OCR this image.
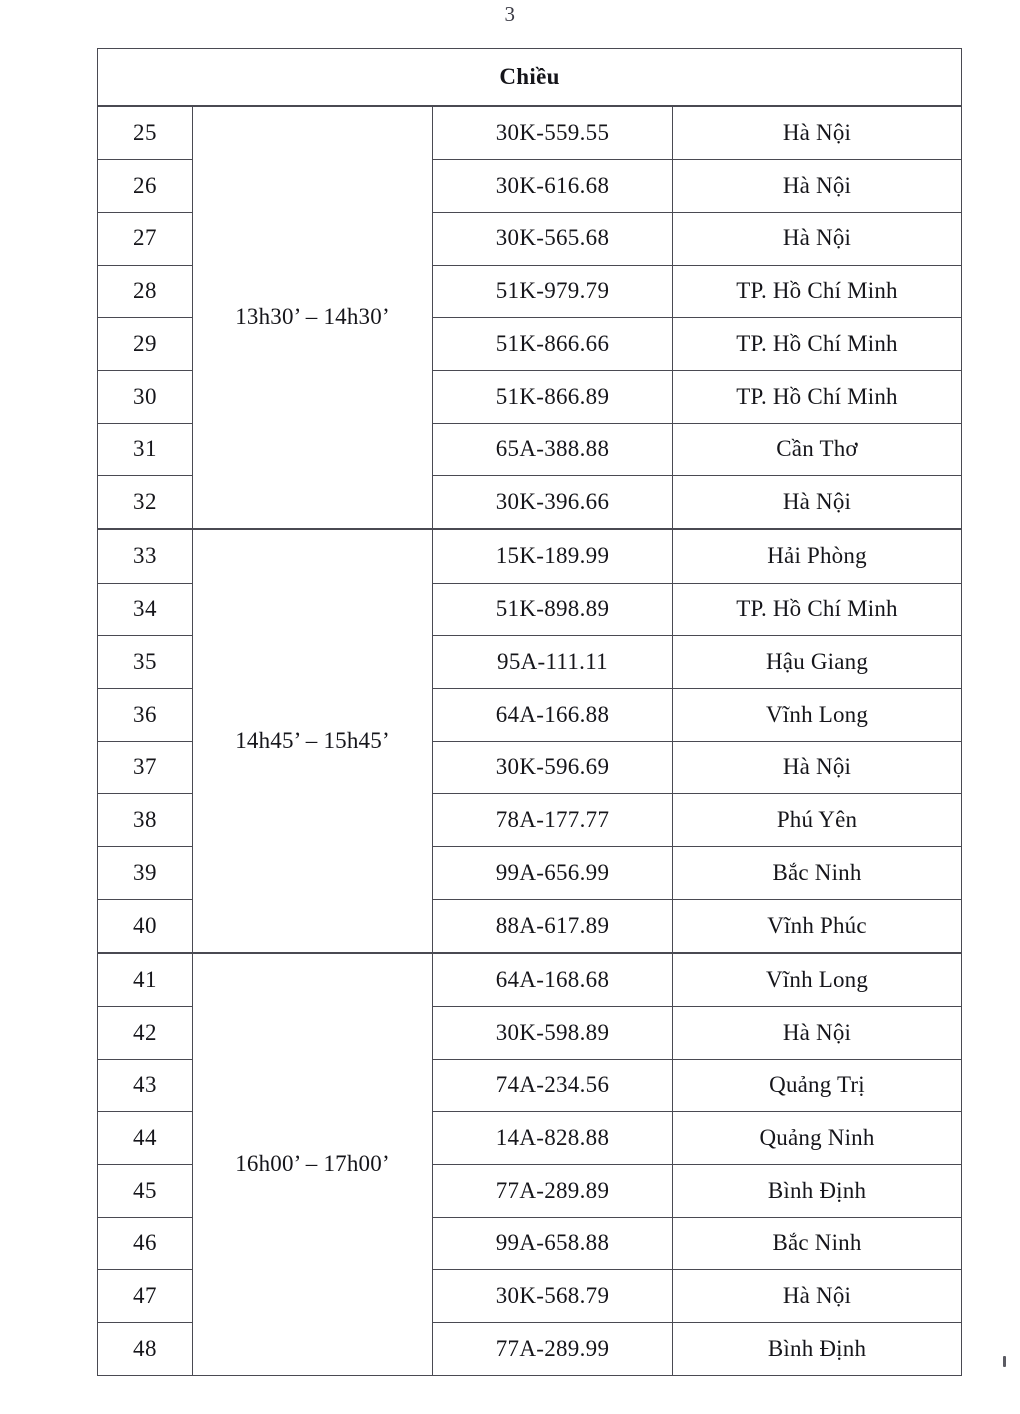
3
Chiều			
25	13h30’ – 14h30’	30K-559.55	Hà Nội
26		30K-616.68	Hà Nội
27		30K-565.68	Hà Nội
28		51K-979.79	TP. Hồ Chí Minh
29		51K-866.66	TP. Hồ Chí Minh
30		51K-866.89	TP. Hồ Chí Minh
31		65A-388.88	Cần Thơ
32		30K-396.66	Hà Nội
33	14h45’ – 15h45’	15K-189.99	Hải Phòng
34		51K-898.89	TP. Hồ Chí Minh
35		95A-111.11	Hậu Giang
36		64A-166.88	Vĩnh Long
37		30K-596.69	Hà Nội
38		78A-177.77	Phú Yên
39		99A-656.99	Bắc Ninh
40		88A-617.89	Vĩnh Phúc
41	16h00’ – 17h00’	64A-168.68	Vĩnh Long
42		30K-598.89	Hà Nội
43		74A-234.56	Quảng Trị
44		14A-828.88	Quảng Ninh
45		77A-289.89	Bình Định
46		99A-658.88	Bắc Ninh
47		30K-568.79	Hà Nội
48		77A-289.99	Bình Định
